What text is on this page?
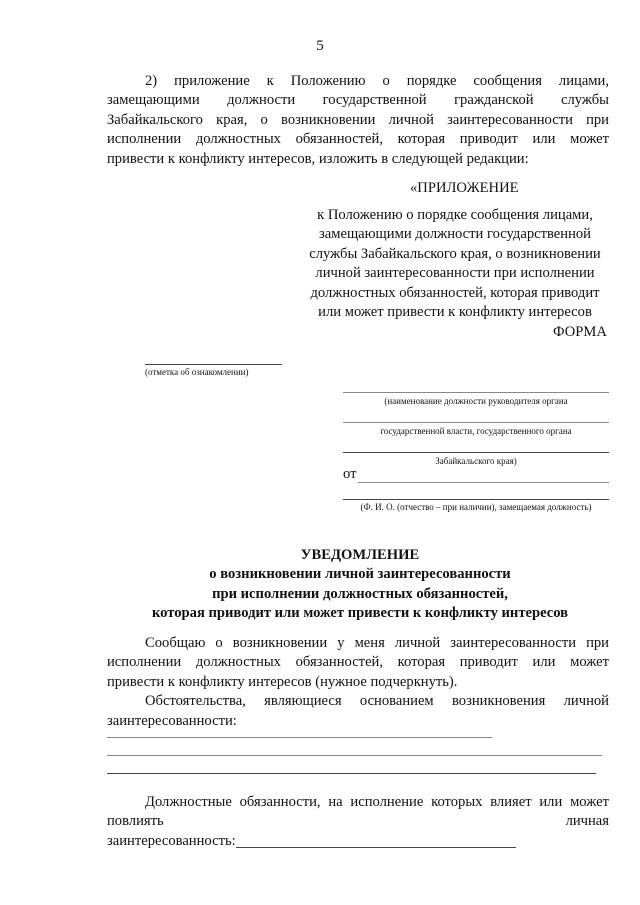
5
2) приложение к Положению о порядке сообщения лицами,
замещающими должности государственной гражданской службы
Забайкальского края, о возникновении личной заинтересованности при
исполнении должностных обязанностей, которая приводит или может
привести к конфликту интересов, изложить в следующей редакции:
«ПРИЛОЖЕНИЕ
к Положению о порядке сообщения лицами,
замещающими должности государственной
службы Забайкальского края, о возникновении
личной заинтересованности при исполнении
должностных обязанностей, которая приводит
или может привести к конфликту интересов
ФОРМА
(отметка об ознакомлении)
(наименование должности руководителя органа
государственной власти, государственного органа
Забайкальского края)
от
(Ф. И. О. (отчество – при наличии), замещаемая должность)
УВЕДОМЛЕНИЕ
о возникновении личной заинтересованности
при исполнении должностных обязанностей,
которая приводит или может привести к конфликту интересов
Сообщаю о возникновении у меня личной заинтересованности при
исполнении должностных обязанностей, которая приводит или может
привести к конфликту интересов (нужное подчеркнуть).
Обстоятельства, являющиеся основанием возникновения личной
заинтересованности:
Должностные обязанности, на исполнение которых влияет или может
повлиять	личная
заинтересованность:
